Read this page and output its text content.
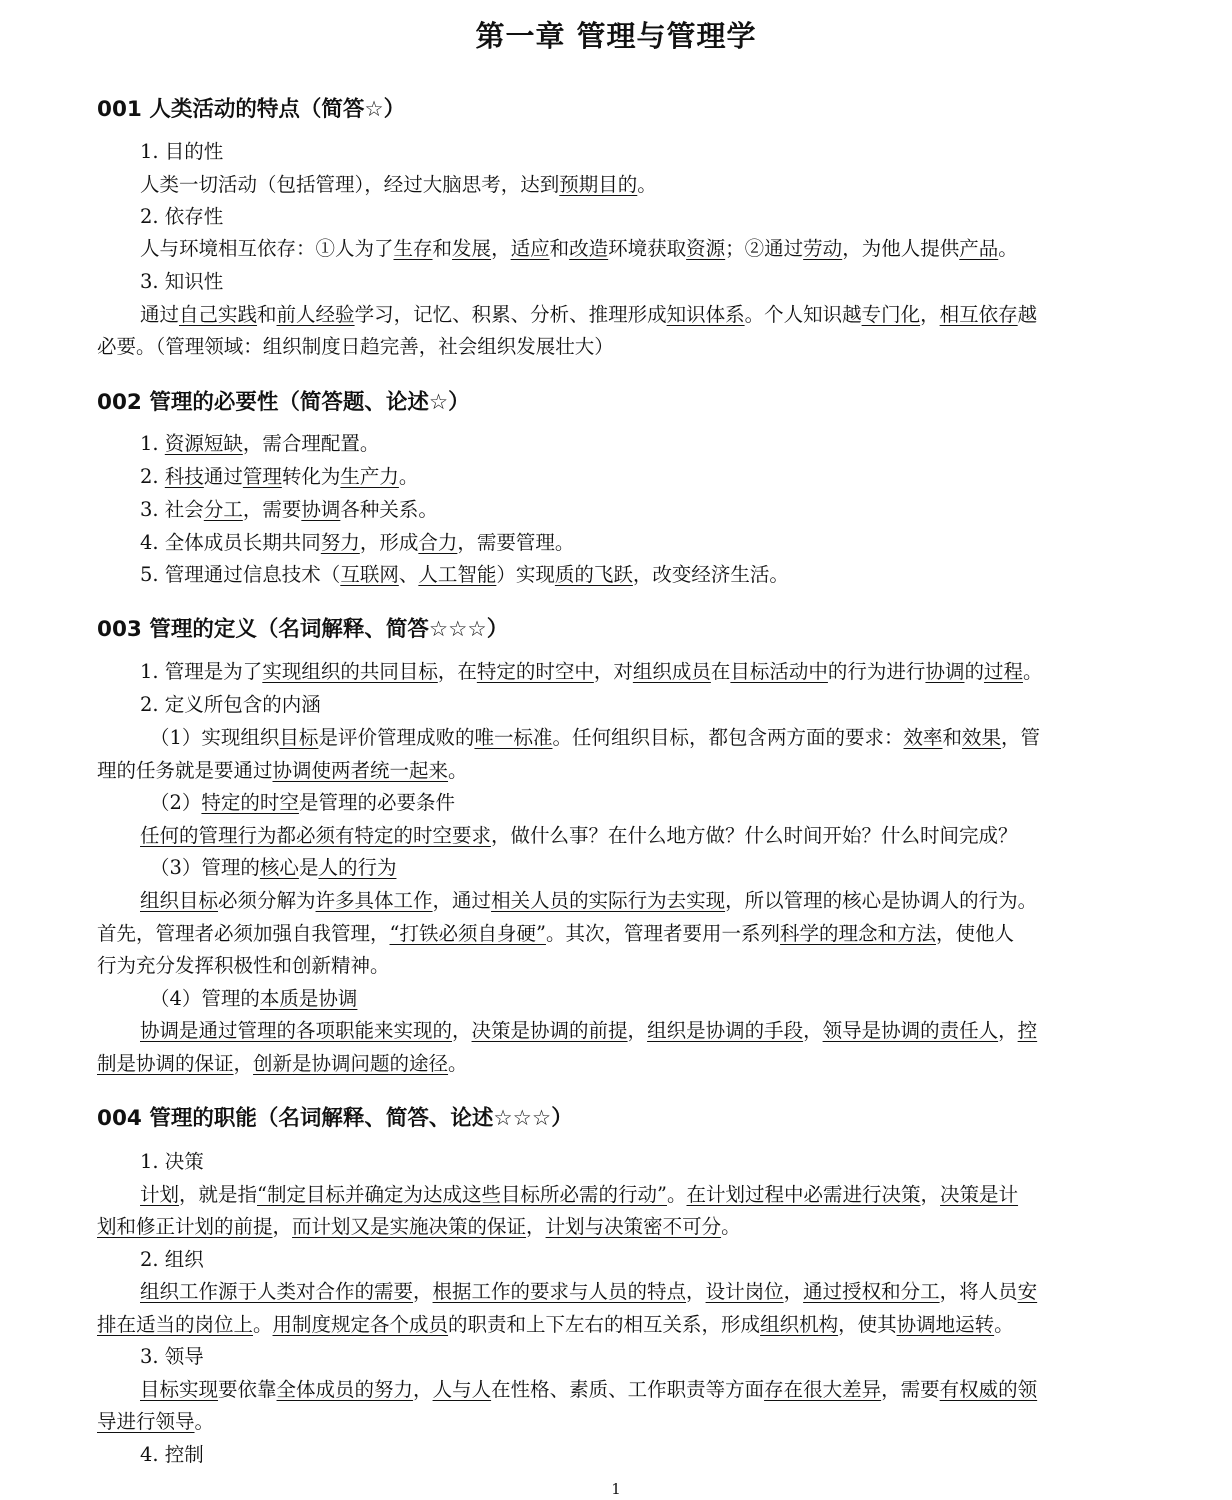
第一章 管理与管理学
001 人类活动的特点（简答☆）
1. 目的性
人类一切活动（包括管理），经过大脑思考，达到预期目的。
2. 依存性
人与环境相互依存：①人为了生存和发展，适应和改造环境获取资源；②通过劳动，为他人提供产品。
3. 知识性
通过自己实践和前人经验学习，记忆、积累、分析、推理形成知识体系。个人知识越专门化，相互依存越
必要。（管理领域：组织制度日趋完善，社会组织发展壮大）
002 管理的必要性（简答题、论述☆）
1. 资源短缺，需合理配置。
2. 科技通过管理转化为生产力。
3. 社会分工，需要协调各种关系。
4. 全体成员长期共同努力，形成合力，需要管理。
5. 管理通过信息技术（互联网、人工智能）实现质的飞跃，改变经济生活。
003 管理的定义（名词解释、简答☆☆☆）
1. 管理是为了实现组织的共同目标，在特定的时空中，对组织成员在目标活动中的行为进行协调的过程。
2. 定义所包含的内涵
（1）实现组织目标是评价管理成败的唯一标准。任何组织目标，都包含两方面的要求：效率和效果，管
理的任务就是要通过协调使两者统一起来。
（2）特定的时空是管理的必要条件
任何的管理行为都必须有特定的时空要求，做什么事？在什么地方做？什么时间开始？什么时间完成？
（3）管理的核心是人的行为
组织目标必须分解为许多具体工作，通过相关人员的实际行为去实现，所以管理的核心是协调人的行为。
首先，管理者必须加强自我管理，“打铁必须自身硬”。其次，管理者要用一系列科学的理念和方法，使他人
行为充分发挥积极性和创新精神。
（4）管理的本质是协调
协调是通过管理的各项职能来实现的，决策是协调的前提，组织是协调的手段，领导是协调的责任人，控
制是协调的保证，创新是协调问题的途径。
004 管理的职能（名词解释、简答、论述☆☆☆）
1. 决策
计划，就是指“制定目标并确定为达成这些目标所必需的行动”。在计划过程中必需进行决策，决策是计
划和修正计划的前提，而计划又是实施决策的保证，计划与决策密不可分。
2. 组织
组织工作源于人类对合作的需要，根据工作的要求与人员的特点，设计岗位，通过授权和分工，将人员安
排在适当的岗位上。用制度规定各个成员的职责和上下左右的相互关系，形成组织机构，使其协调地运转。
3. 领导
目标实现要依靠全体成员的努力，人与人在性格、素质、工作职责等方面存在很大差异，需要有权威的领
导进行领导。
4. 控制
1
